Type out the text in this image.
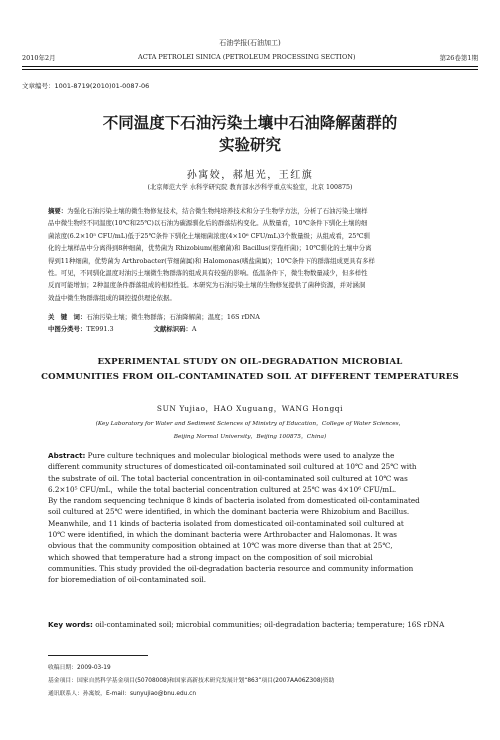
石油学报(石油加工)
2010年2月	ACTA PETROLEI SINICA (PETROLEUM PROCESSING SECTION)	第26卷第1期
文章编号：1001-8719(2010)01-0087-06
不同温度下石油污染土壤中石油降解菌群的
实验研究
孙寓姣，郝旭光，王红旗
(北京师范大学 水科学研究院 教育部水沙科学重点实验室，北京 100875)
摘要：为强化石油污染土壤的微生物修复技术，结合微生物纯培养技术和分子生物学方法，分析了石油污染土壤样
品中微生物经不同温度(10℃和25℃)以石油为碳源驯化后的群落结构变化。从数量看，10℃条件下驯化土壤的细
菌浓度(6.2×10⁵ CFU/mL)低于25℃条件下驯化土壤细菌浓度(4×10⁶ CFU/mL)3个数量级；从组成看，25℃驯
化的土壤样品中分离得到8种细菌，优势菌为 Rhizobium(根瘤菌)和 Bacillus(芽孢杆菌)；10℃驯化的土壤中分离
得到11种细菌，优势菌为 Arthrobacter(节细菌属)和 Halomonas(嗜盐菌属)；10℃条件下的群落组成更具有多样
性。可见，不同驯化温度对油污土壤微生物群落的组成具有较强的影响。低温条件下，微生物数量减少，但多样性
反而可能增加；2种温度条件群落组成的相似性低。本研究为石油污染土壤的生物修复提供了菌种资源，并对涵洞
效益中微生物群落组成的调控提供理论依据。
关　键　词：石油污染土壤；微生物群落；石油降解菌；温度；16S rDNA
中图分类号：TE991.3	文献标识码：A
EXPERIMENTAL STUDY ON OIL-DEGRADATION MICROBIAL
COMMUNITIES FROM OIL-CONTAMINATED SOIL AT DIFFERENT TEMPERATURES
SUN Yujiao，HAO Xuguang，WANG Hongqi
(Key Laboratory for Water and Sediment Sciences of Ministry of Education，College of Water Sciences，
Beijing Normal University，Beijing 100875，China)
Abstract: Pure culture techniques and molecular biological methods were used to analyze the
different community structures of domesticated oil-contaminated soil cultured at 10℃ and 25℃ with
the substrate of oil. The total bacterial concentration in oil-contaminated soil cultured at 10℃ was
6.2×10⁵ CFU/mL，while the total bacterial concentration cultured at 25℃ was 4×10⁶ CFU/mL.
By the random sequencing technique 8 kinds of bacteria isolated from domesticated oil-contaminated
soil cultured at 25℃ were identified, in which the dominant bacteria were Rhizobium and Bacillus.
Meanwhile, and 11 kinds of bacteria isolated from domesticated oil-contaminated soil cultured at
10℃ were identified, in which the dominant bacteria were Arthrobacter and Halomonas. It was
obvious that the community composition obtained at 10℃ was more diverse than that at 25℃,
which showed that temperature had a strong impact on the composition of soil microbial
communities. This study provided the oil-degradation bacteria resource and community information
for bioremediation of oil-contaminated soil.
Key words: oil-contaminated soil; microbial communities; oil-degradation bacteria; temperature; 16S rDNA
收稿日期：2009-03-19
基金项目：国家自然科学基金项目(50708008)和国家高新技术研究发展计划“863”项目(2007AA06Z308)资助
通讯联系人：孙寓姣，E-mail：sunyujiao@bnu.edu.cn
